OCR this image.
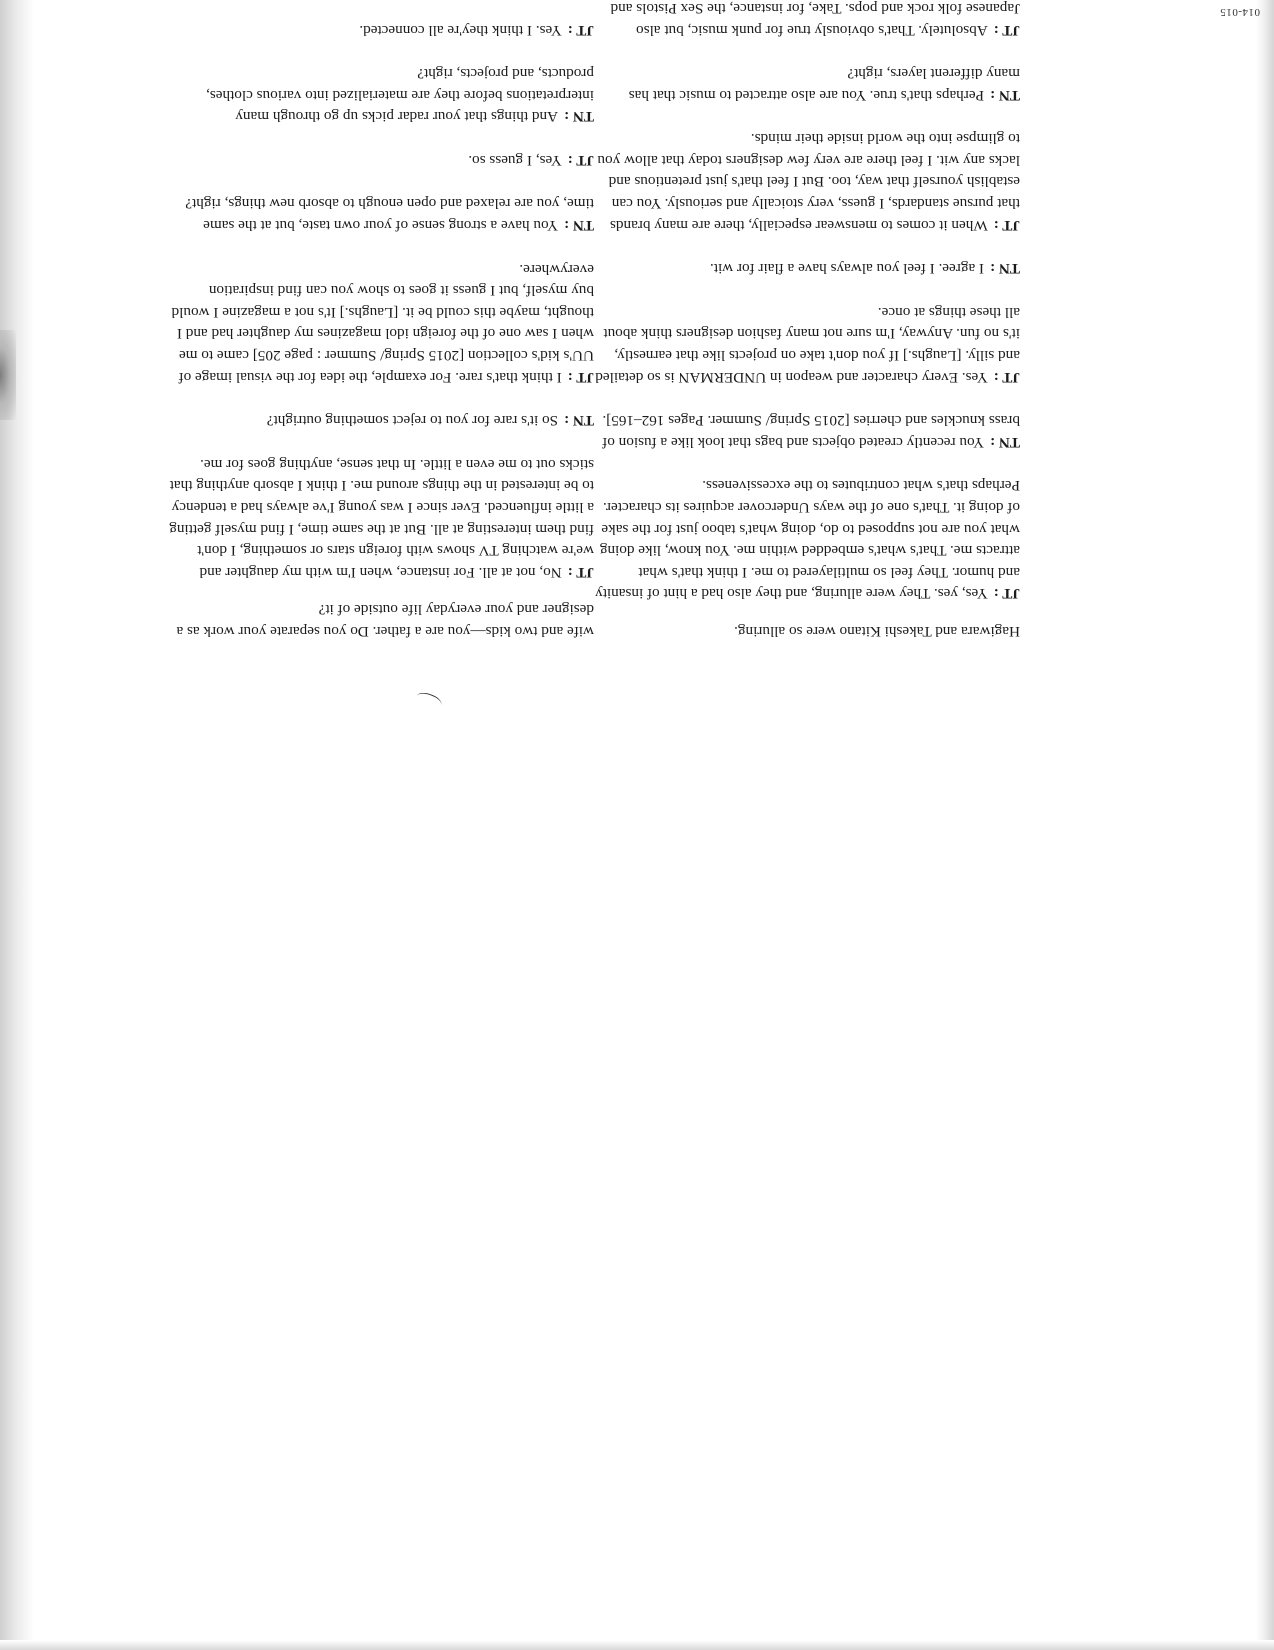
014-015

Hagiwara and Takeshi Kitano were so alluring.

JT :Yes, yes. They were alluring, and they also had a hint of insanity and humor. They feel so multilayered to me. I think that's what attracts me. That's what's embedded within me. You know, like doing what you are not supposed to do, doing what's taboo just for the sake of doing it. That's one of the ways Undercover acquires its character. Perhaps that's what contributes to the excessiveness.

TN :You recently created objects and bags that look like a fusion of brass knuckles and cherries [2015 Spring/ Summer. Pages 162–165].

JT :Yes. Every character and weapon in UNDERMAN is so detailed and silly. [Laughs.] If you don't take on projects like that earnestly, it's no fun. Anyway, I'm sure not many fashion designers think about all these things at once.

TN :I agree. I feel you always have a flair for wit.

JT :When it comes to menswear especially, there are many brands that pursue standards, I guess, very stoically and seriously. You can establish yourself that way, too. But I feel that's just pretentious and lacks any wit. I feel there are very few designers today that allow you to glimpse into the world inside their minds.

TN :Perhaps that's true. You are also attracted to music that has many different layers, right?

JT :Absolutely. That's obviously true for punk music, but also Japanese folk rock and pops. Take, for instance, the Sex Pistols and

wife and two kids—you are a father. Do you separate your work as a designer and your everyday life outside of it?

JT :No, not at all. For instance, when I'm with my daughter and we're watching TV shows with foreign stars or something, I don't find them interesting at all. But at the same time, I find myself getting a little influenced. Ever since I was young I've always had a tendency to be interested in the things around me. I think I absorb anything that sticks out to me even a little. In that sense, anything goes for me.

TN :So it's rare for you to reject something outright?

JT :I think that's rare. For example, the idea for the visual image of UU's kid's collection [2015 Spring/ Summer : page 205] came to me when I saw one of the foreign idol magazines my daughter had and I thought, maybe this could be it. [Laughs.] It's not a magazine I would buy myself, but I guess it goes to show you can find inspiration everywhere.

TN :You have a strong sense of your own taste, but at the same time, you are relaxed and open enough to absorb new things, right?

JT :Yes, I guess so.

TN :And things that your radar picks up go through many interpretations before they are materialized into various clothes, products, and projects, right?

JT :Yes. I think they're all connected.
